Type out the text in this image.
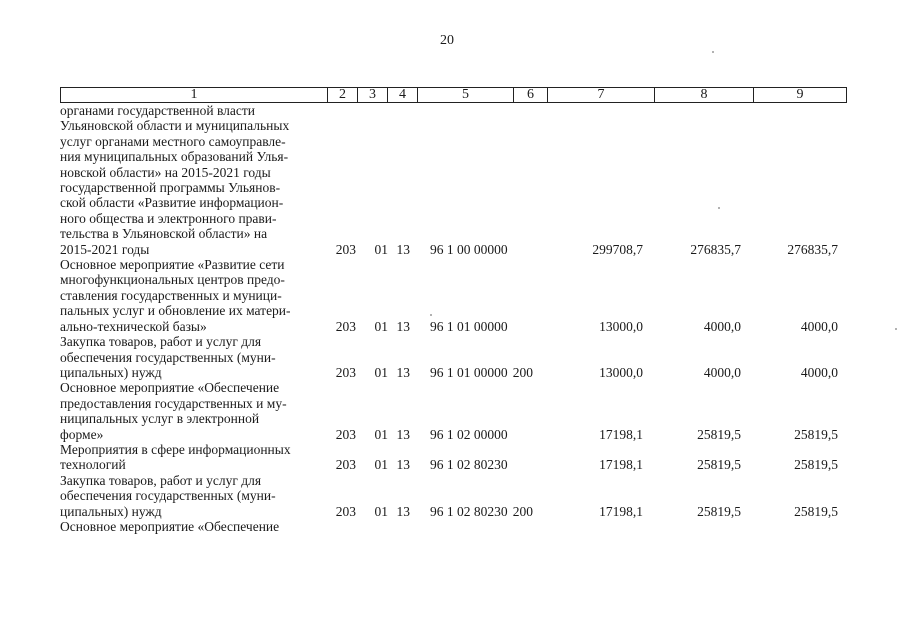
20
1	2	3	4	5	6	7	8	9
органами государственной власти
Ульяновской области и муниципальных
услуг органами местного самоуправле-
ния муниципальных образований Улья-
новской области» на 2015-2021 годы
государственной программы Ульянов-
ской области «Развитие информацион-
ного общества и электронного прави-
тельства в Ульяновской области» на
2015-2021 годы	203	01 13	96 1 00 00000	299708,7	276835,7	276835,7
Основное мероприятие «Развитие сети
многофункциональных центров предо-
ставления государственных и муници-
пальных услуг и обновление их матери-
ально-технической базы»	203	01 13	96 1 01 00000	13000,0	4000,0	4000,0
Закупка товаров, работ и услуг для
обеспечения государственных (муни-
ципальных) нужд	203	01 13	96 1 01 00000 200	13000,0	4000,0	4000,0
Основное мероприятие «Обеспечение
предоставления государственных и му-
ниципальных услуг в электронной
форме»	203	01 13	96 1 02 00000	17198,1	25819,5	25819,5
Мероприятия в сфере информационных
технологий	203	01 13	96 1 02 80230	17198,1	25819,5	25819,5
Закупка товаров, работ и услуг для
обеспечения государственных (муни-
ципальных) нужд	203	01 13	96 1 02 80230 200	17198,1	25819,5	25819,5
Основное мероприятие «Обеспечение
